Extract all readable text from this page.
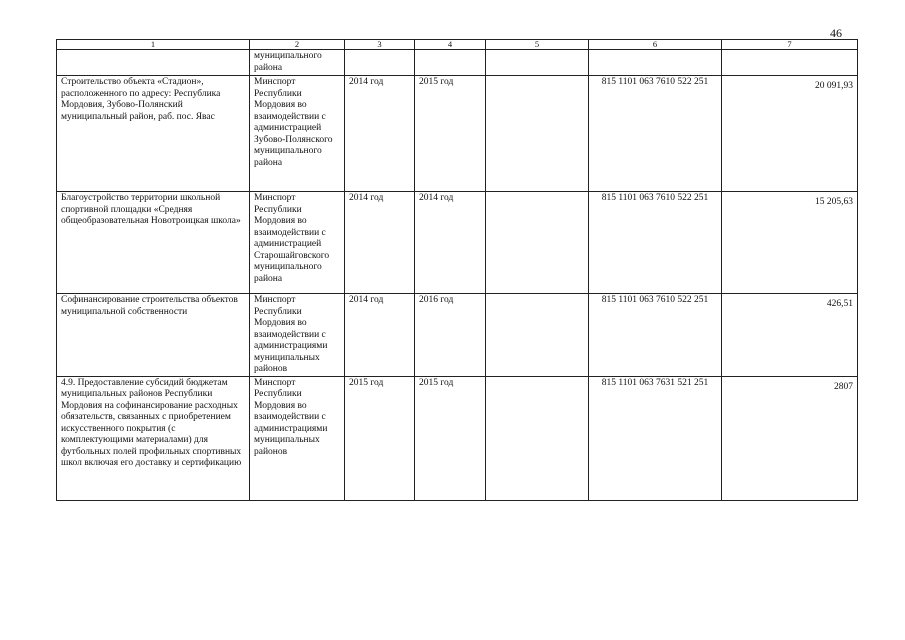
46
1	2	3	4	5	6	7
	муниципального района					
Строительство объекта «Стадион», расположенного по адресу: Республика Мордовия, Зубово-Полянский муниципальный район, раб. пос. Явас	Минспорт Республики Мордовия во взаимодействии с администрацией Зубово-Полянского муниципального района	2014 год	2015 год		815 1101 063 7610 522 251	20 091,93

Благоустройство территории школьной спортивной площадки «Средняя общеобразовательная Новотроицкая школа»	Минспорт Республики Мордовия во взаимодействии с администрацией Старошайговского муниципального района	2014 год	2014 год		815 1101 063 7610 522 251	15 205,63

Софинансирование строительства объектов муниципальной собственности	Минспорт Республики Мордовия во взаимодействии с администрациями муниципальных районов	2014 год	2016 год		815 1101 063 7610 522 251	426,51

4.9. Предоставление субсидий бюджетам муниципальных районов Республики Мордовия на софинансирование расходных обязательств, связанных с приобретением искусственного покрытия (с комплектующими материалами) для футбольных полей профильных спортивных школ включая его доставку и сертификацию	Минспорт Республики Мордовия во взаимодействии с администрациями муниципальных районов	2015 год	2015 год		815 1101 063 7631 521 251	2807
